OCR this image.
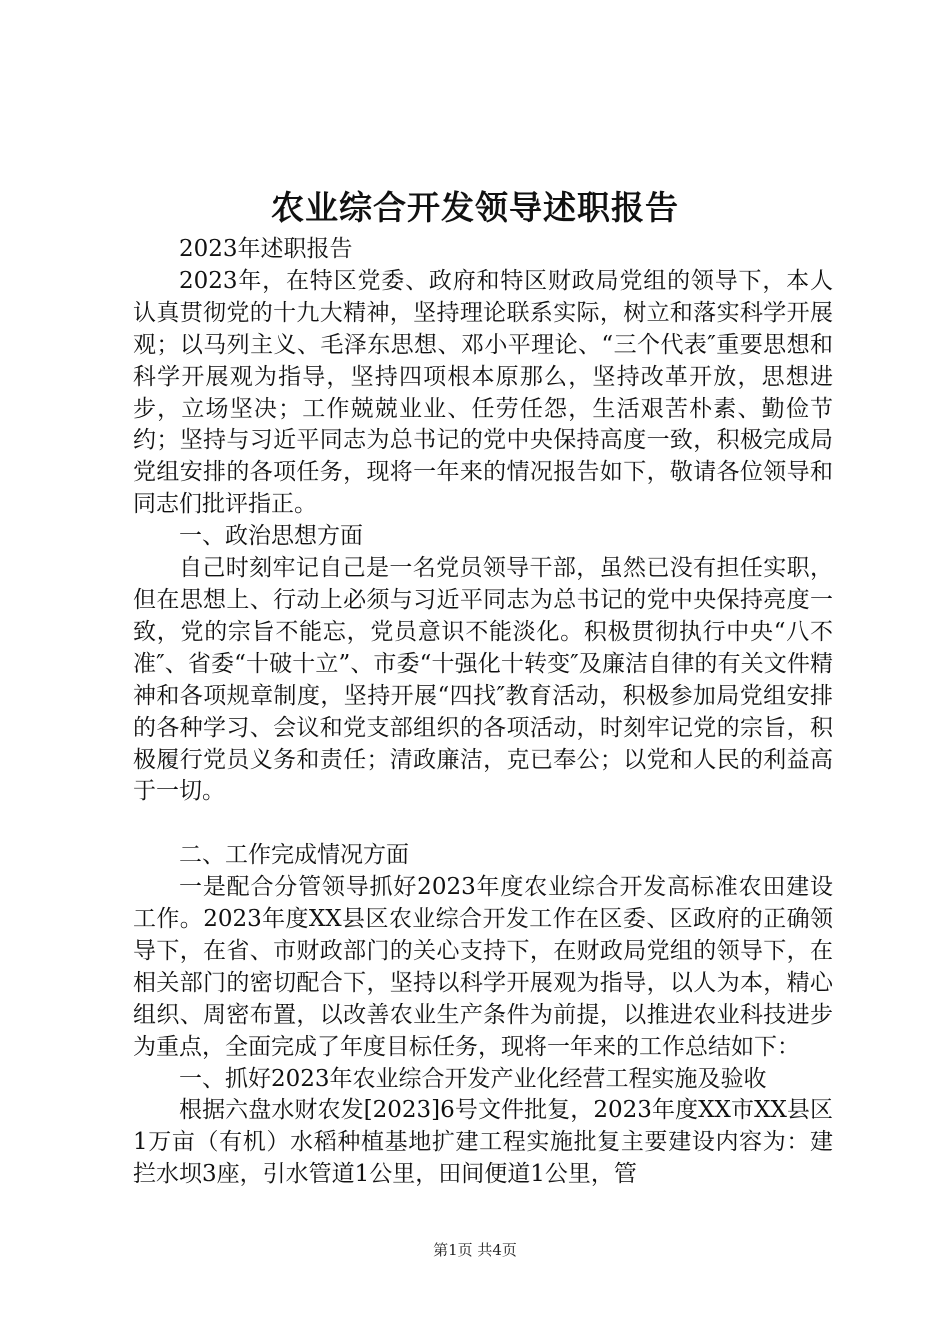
农业综合开发领导述职报告

2023年述职报告

2023年，在特区党委、政府和特区财政局党组的领导下，本人认真贯彻党的十九大精神，坚持理论联系实际，树立和落实科学开展观；以马列主义、毛泽东思想、邓小平理论、“三个代表″重要思想和科学开展观为指导，坚持四项根本原那么，坚持改革开放，思想进步，立场坚决；工作兢兢业业、任劳任怨，生活艰苦朴素、勤俭节约；坚持与习近平同志为总书记的党中央保持高度一致，积极完成局党组安排的各项任务，现将一年来的情况报告如下，敬请各位领导和同志们批评指正。

一、政治思想方面

自己时刻牢记自己是一名党员领导干部，虽然已没有担任实职，但在思想上、行动上必须与习近平同志为总书记的党中央保持亮度一致，党的宗旨不能忘，党员意识不能淡化。积极贯彻执行中央“八不准″、省委“十破十立”、市委“十强化十转变″及廉洁自律的有关文件精神和各项规章制度，坚持开展“四找″教育活动，积极参加局党组安排的各种学习、会议和党支部组织的各项活动，时刻牢记党的宗旨，积极履行党员义务和责任；清政廉洁，克已奉公；以党和人民的利益高于一切。

二、工作完成情况方面

一是配合分管领导抓好2023年度农业综合开发高标准农田建设工作。2023年度XX县区农业综合开发工作在区委、区政府的正确领导下，在省、市财政部门的关心支持下，在财政局党组的领导下，在相关部门的密切配合下，坚持以科学开展观为指导，以人为本，精心组织、周密布置，以改善农业生产条件为前提，以推进农业科技进步为重点，全面完成了年度目标任务，现将一年来的工作总结如下：

一、抓好2023年农业综合开发产业化经营工程实施及验收

根据六盘水财农发[2023]6号文件批复，2023年度XX市XX县区1万亩（有机）水稻种植基地扩建工程实施批复主要建设内容为：建拦水坝3座，引水管道1公里，田间便道1公里，管

第1页 共4页
